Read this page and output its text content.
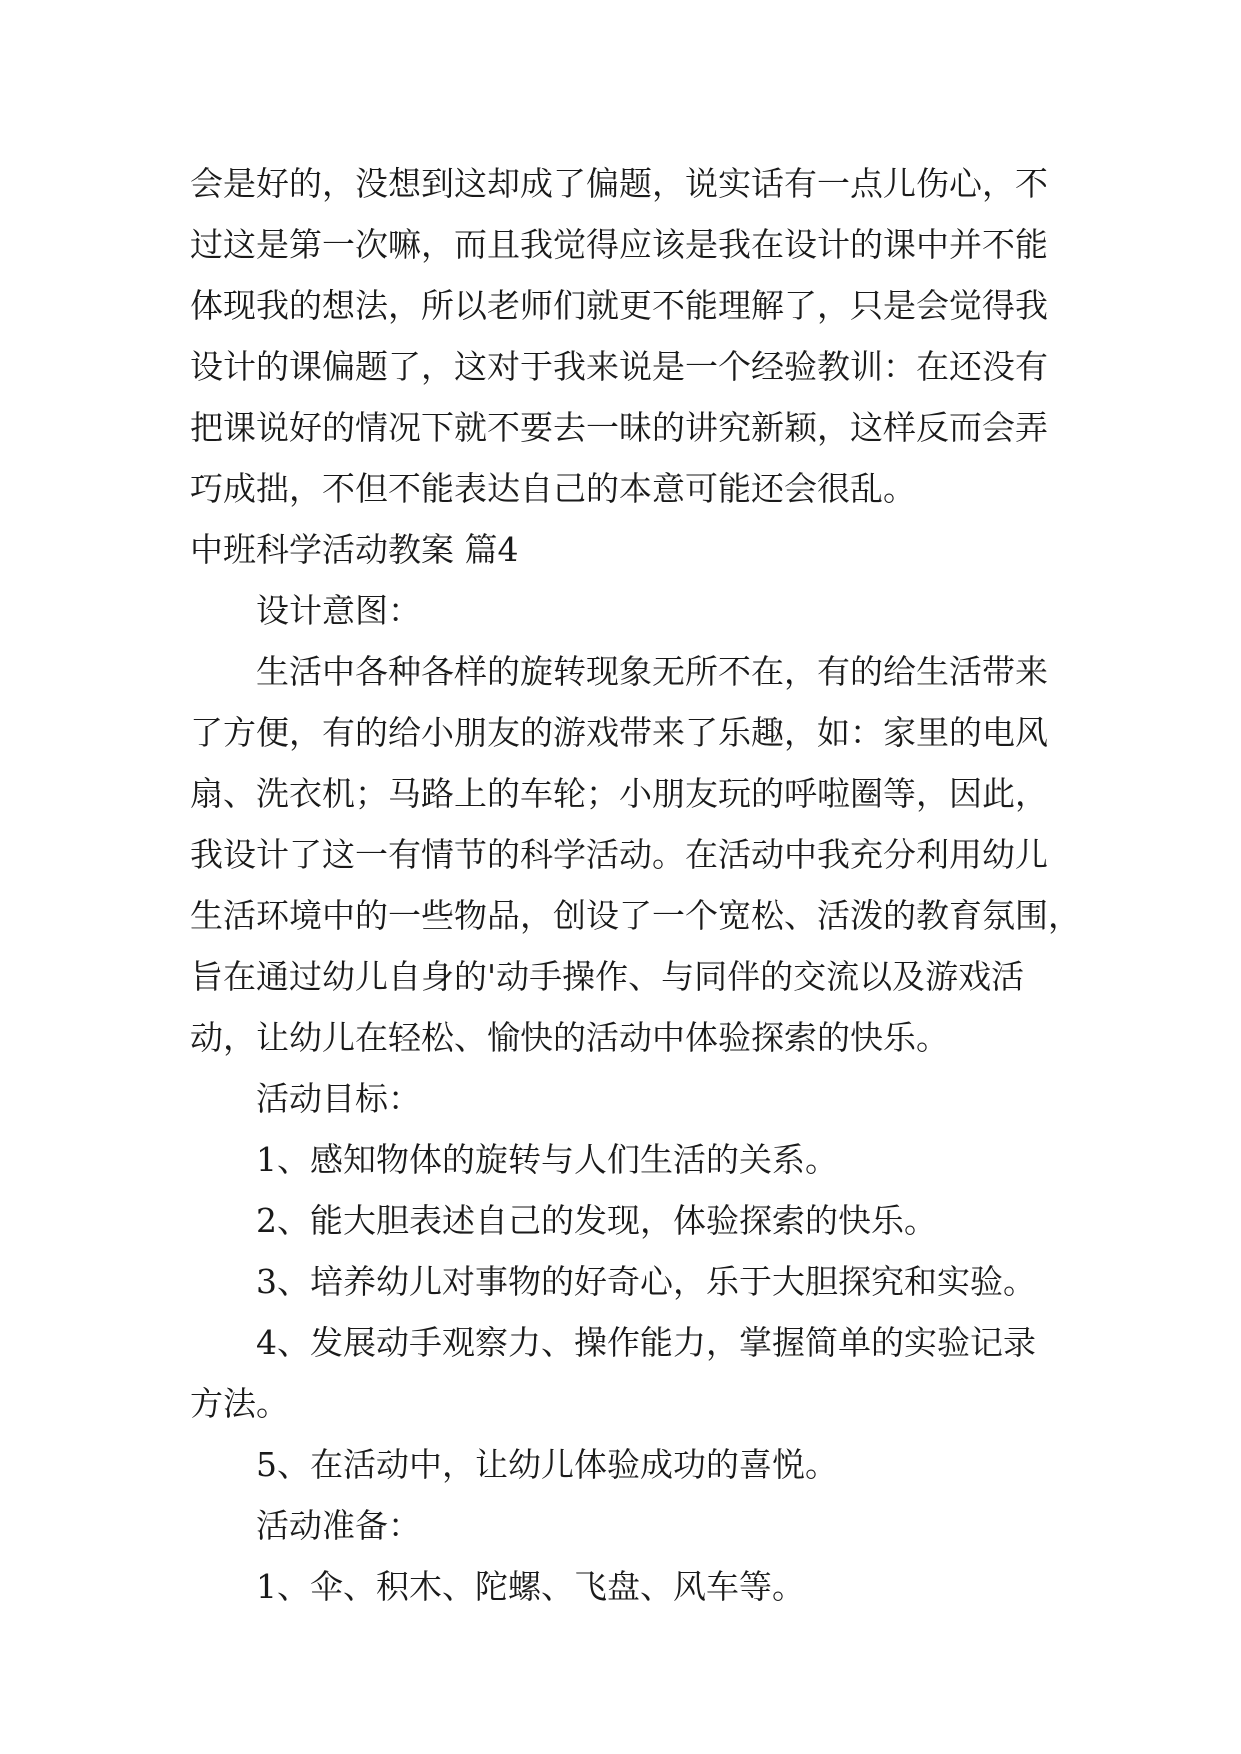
会是好的，没想到这却成了偏题，说实话有一点儿伤心，不
过这是第一次嘛，而且我觉得应该是我在设计的课中并不能
体现我的想法，所以老师们就更不能理解了，只是会觉得我
设计的课偏题了，这对于我来说是一个经验教训：在还没有
把课说好的情况下就不要去一昧的讲究新颖，这样反而会弄
巧成拙，不但不能表达自己的本意可能还会很乱。
中班科学活动教案 篇4
设计意图：
生活中各种各样的旋转现象无所不在，有的给生活带来
了方便，有的给小朋友的游戏带来了乐趣，如：家里的电风
扇、洗衣机；马路上的车轮；小朋友玩的呼啦圈等，因此，
我设计了这一有情节的科学活动。在活动中我充分利用幼儿
生活环境中的一些物品，创设了一个宽松、活泼的教育氛围，
旨在通过幼儿自身的'动手操作、与同伴的交流以及游戏活
动，让幼儿在轻松、愉快的活动中体验探索的快乐。
活动目标：
1、感知物体的旋转与人们生活的关系。
2、能大胆表述自己的发现，体验探索的快乐。
3、培养幼儿对事物的好奇心，乐于大胆探究和实验。
4、发展动手观察力、操作能力，掌握简单的实验记录
方法。
5、在活动中，让幼儿体验成功的喜悦。
活动准备：
1、伞、积木、陀螺、飞盘、风车等。
